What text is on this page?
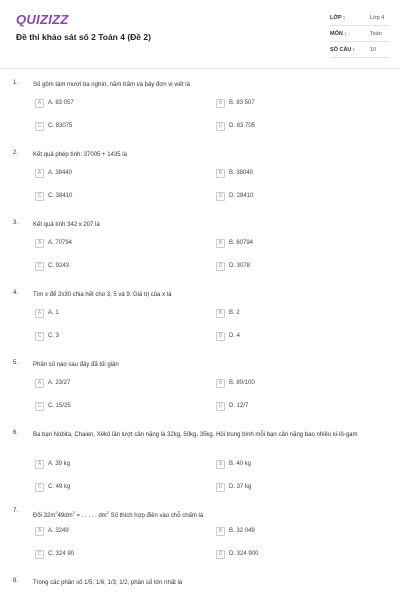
QUIZIZZ
Đề thi khảo sát số 2 Toán 4 (Đề 2)
LỚP :	Lớp 4
MÔN :	Toán
SỐ CÂU :	10
1. Số gồm tám mươi ba nghìn, năm trăm và bảy đơn vị viết là
A	A. 83 057	B	B. 83 507
C	C. 83075	D	D. 83 705
2. Kết quả phép tính: 37005 + 1435 là
A	A. 38440	B	B. 38040
C	C. 38410	D	D. 28410
3. Kết quả tính 342 x 207 là
A	A. 70794	B	B. 60794
C	C. 9243	D	D. 3078
4. Tìm x để 2x30 chia hết cho 3, 5 và 9. Giá trị của x là
A	A. 1	B	B. 2
C	C. 3	D	D. 4
5. Phân số nào sau đây đã tối giản
A	A. 23/27	B	B. 80/100
C	C. 15/25	D	D. 12/7
6. Ba bạn Nobita, Chaien, Xêkô lần lượt cân nặng là 32kg, 50kg, 35kg. Hỏi trung bình mỗi bạn cân nặng bao nhiêu ki-lô-gam
A	A. 39 kg	B	B. 40 kg
C	C. 49 kg	D	D. 37 kg
7.
Đổi $32m^249dm^2$ = . . . . . $dm^2$ Số thích hợp điền vào chỗ chấm là
A	A. 3249	B	B. 32 049
C	C. 324 90	D	D. 324 900
8. Trong các phân số 1/5; 1/6; 1/3; 1/2, phân số lớn nhất là
